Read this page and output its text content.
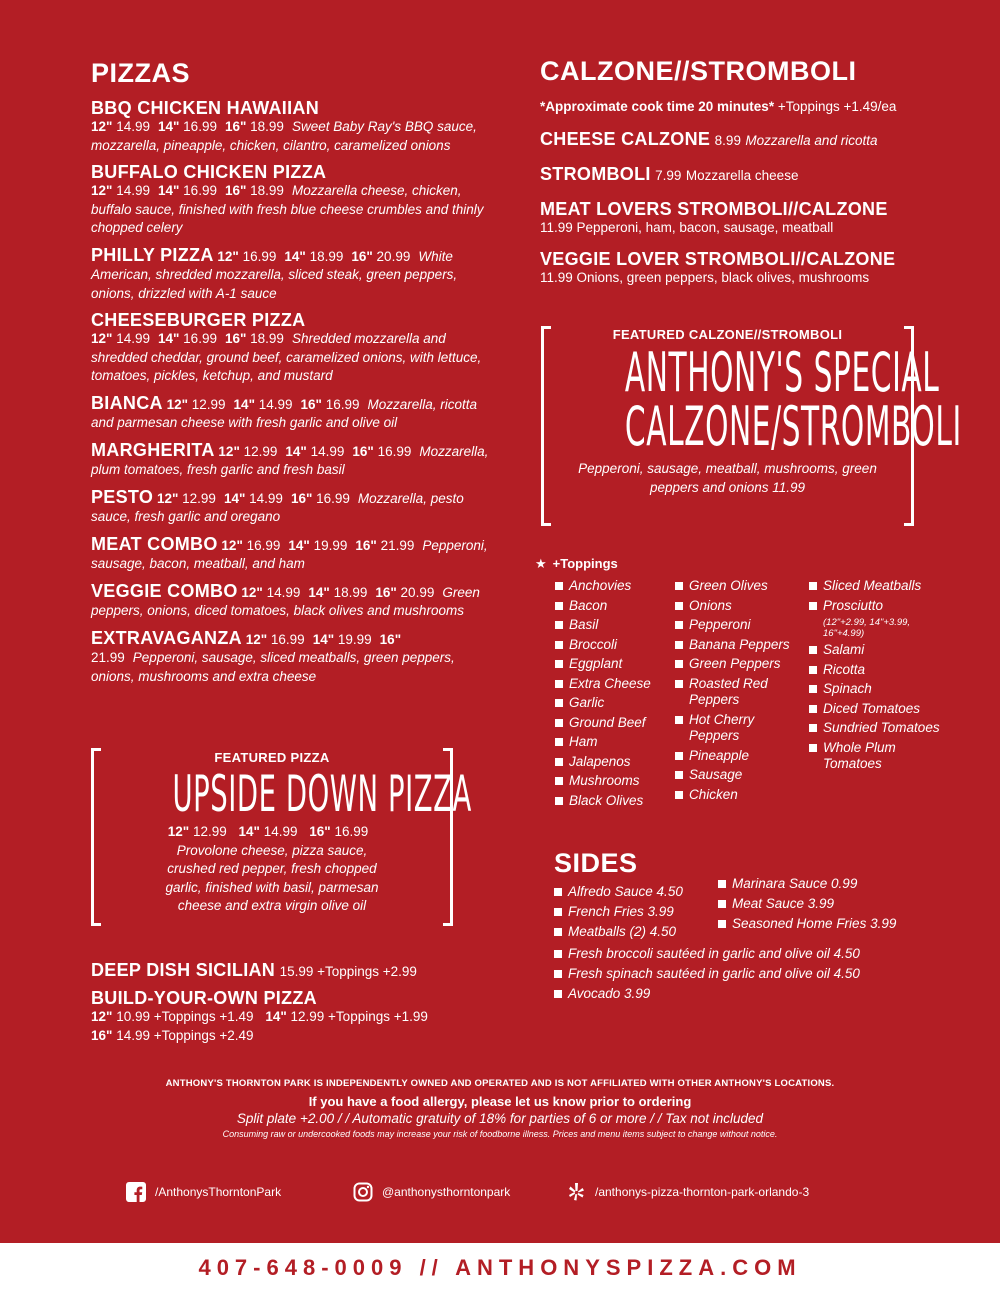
PIZZAS
BBQ CHICKEN HAWAIIAN
12" 14.99 14" 16.99 16" 18.99 Sweet Baby Ray's BBQ sauce, mozzarella, pineapple, chicken, cilantro, caramelized onions
BUFFALO CHICKEN PIZZA
12" 14.99 14" 16.99 16" 18.99 Mozzarella cheese, chicken, buffalo sauce, finished with fresh blue cheese crumbles and thinly chopped celery
PHILLY PIZZA 12" 16.99 14" 18.99 16" 20.99 White American, shredded mozzarella, sliced steak, green peppers, onions, drizzled with A-1 sauce
CHEESEBURGER PIZZA
12" 14.99 14" 16.99 16" 18.99 Shredded mozzarella and shredded cheddar, ground beef, caramelized onions, with lettuce, tomatoes, pickles, ketchup, and mustard
BIANCA 12" 12.99 14" 14.99 16" 16.99 Mozzarella, ricotta and parmesan cheese with fresh garlic and olive oil
MARGHERITA 12" 12.99 14" 14.99 16" 16.99 Mozzarella, plum tomatoes, fresh garlic and fresh basil
PESTO 12" 12.99 14" 14.99 16" 16.99 Mozzarella, pesto sauce, fresh garlic and oregano
MEAT COMBO 12" 16.99 14" 19.99 16" 21.99 Pepperoni, sausage, bacon, meatball, and ham
VEGGIE COMBO 12" 14.99 14" 18.99 16" 20.99 Green peppers, onions, diced tomatoes, black olives and mushrooms
EXTRAVAGANZA 12" 16.99 14" 19.99 16" 21.99 Pepperoni, sausage, sliced meatballs, green peppers, onions, mushrooms and extra cheese
FEATURED PIZZA
UPSIDE DOWN PIZZA
12" 12.99 14" 14.99 16" 16.99
Provolone cheese, pizza sauce, crushed red pepper, fresh chopped garlic, finished with basil, parmesan cheese and extra virgin olive oil
DEEP DISH SICILIAN 15.99 +Toppings +2.99
BUILD-YOUR-OWN PIZZA
12" 10.99 +Toppings +1.49 14" 12.99 +Toppings +1.99
16" 14.99 +Toppings +2.49
CALZONE//STROMBOLI
*Approximate cook time 20 minutes* +Toppings +1.49/ea
CHEESE CALZONE 8.99 Mozzarella and ricotta
STROMBOLI 7.99 Mozzarella cheese
MEAT LOVERS STROMBOLI//CALZONE
11.99 Pepperoni, ham, bacon, sausage, meatball
VEGGIE LOVER STROMBOLI//CALZONE
11.99 Onions, green peppers, black olives, mushrooms
FEATURED CALZONE//STROMBOLI
ANTHONY'S SPECIAL
CALZONE/STROMBOLI
Pepperoni, sausage, meatball, mushrooms, green peppers and onions 11.99
★ +Toppings
Anchovies
Bacon
Basil
Broccoli
Eggplant
Extra Cheese
Garlic
Ground Beef
Ham
Jalapenos
Mushrooms
Black Olives
Green Olives
Onions
Pepperoni
Banana Peppers
Green Peppers
Roasted Red Peppers
Hot Cherry Peppers
Pineapple
Sausage
Chicken
Sliced Meatballs
Prosciutto
(12"+2.99, 14"+3.99, 16"+4.99)
Salami
Ricotta
Spinach
Diced Tomatoes
Sundried Tomatoes
Whole Plum Tomatoes
SIDES
Alfredo Sauce 4.50
French Fries 3.99
Meatballs (2) 4.50
Marinara Sauce 0.99
Meat Sauce 3.99
Seasoned Home Fries 3.99
Fresh broccoli sautéed in garlic and olive oil 4.50
Fresh spinach sautéed in garlic and olive oil 4.50
Avocado 3.99
ANTHONY'S THORNTON PARK IS INDEPENDENTLY OWNED AND OPERATED AND IS NOT AFFILIATED WITH OTHER ANTHONY'S LOCATIONS.
If you have a food allergy, please let us know prior to ordering
Split plate +2.00 / / Automatic gratuity of 18% for parties of 6 or more / / Tax not included
Consuming raw or undercooked foods may increase your risk of foodborne illness. Prices and menu items subject to change without notice.
/AnthonysThorntonPark	@anthonysthorntonpark	/anthonys-pizza-thornton-park-orlando-3
407-648-0009 // ANTHONYSPIZZA.COM
